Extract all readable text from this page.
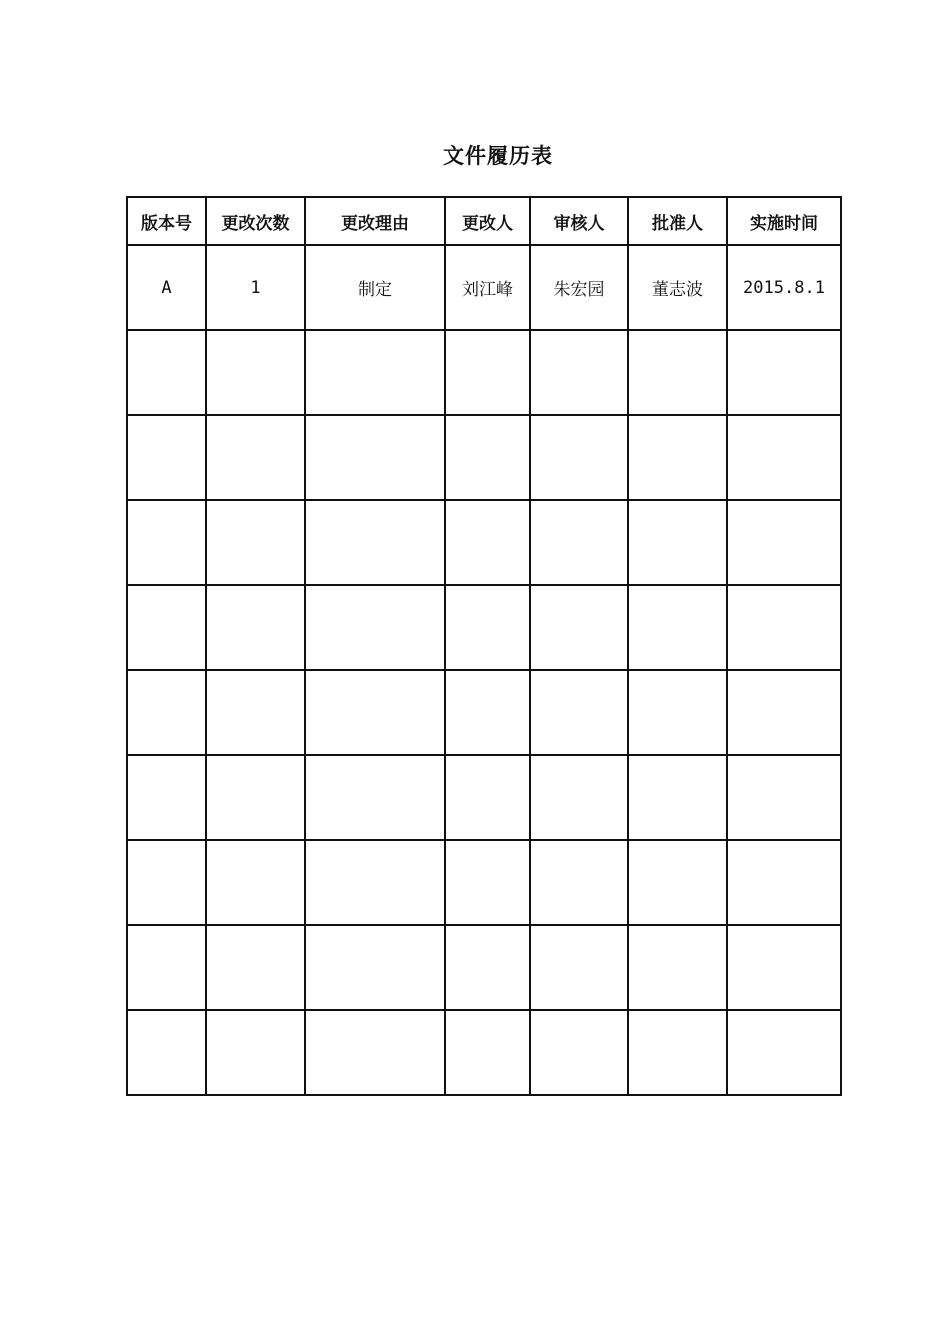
文件履历表
版本号	更改次数	更改理由	更改人	审核人	批准人	实施时间
A	1	制定	刘江峰	朱宏园	董志波	2015.8.1
